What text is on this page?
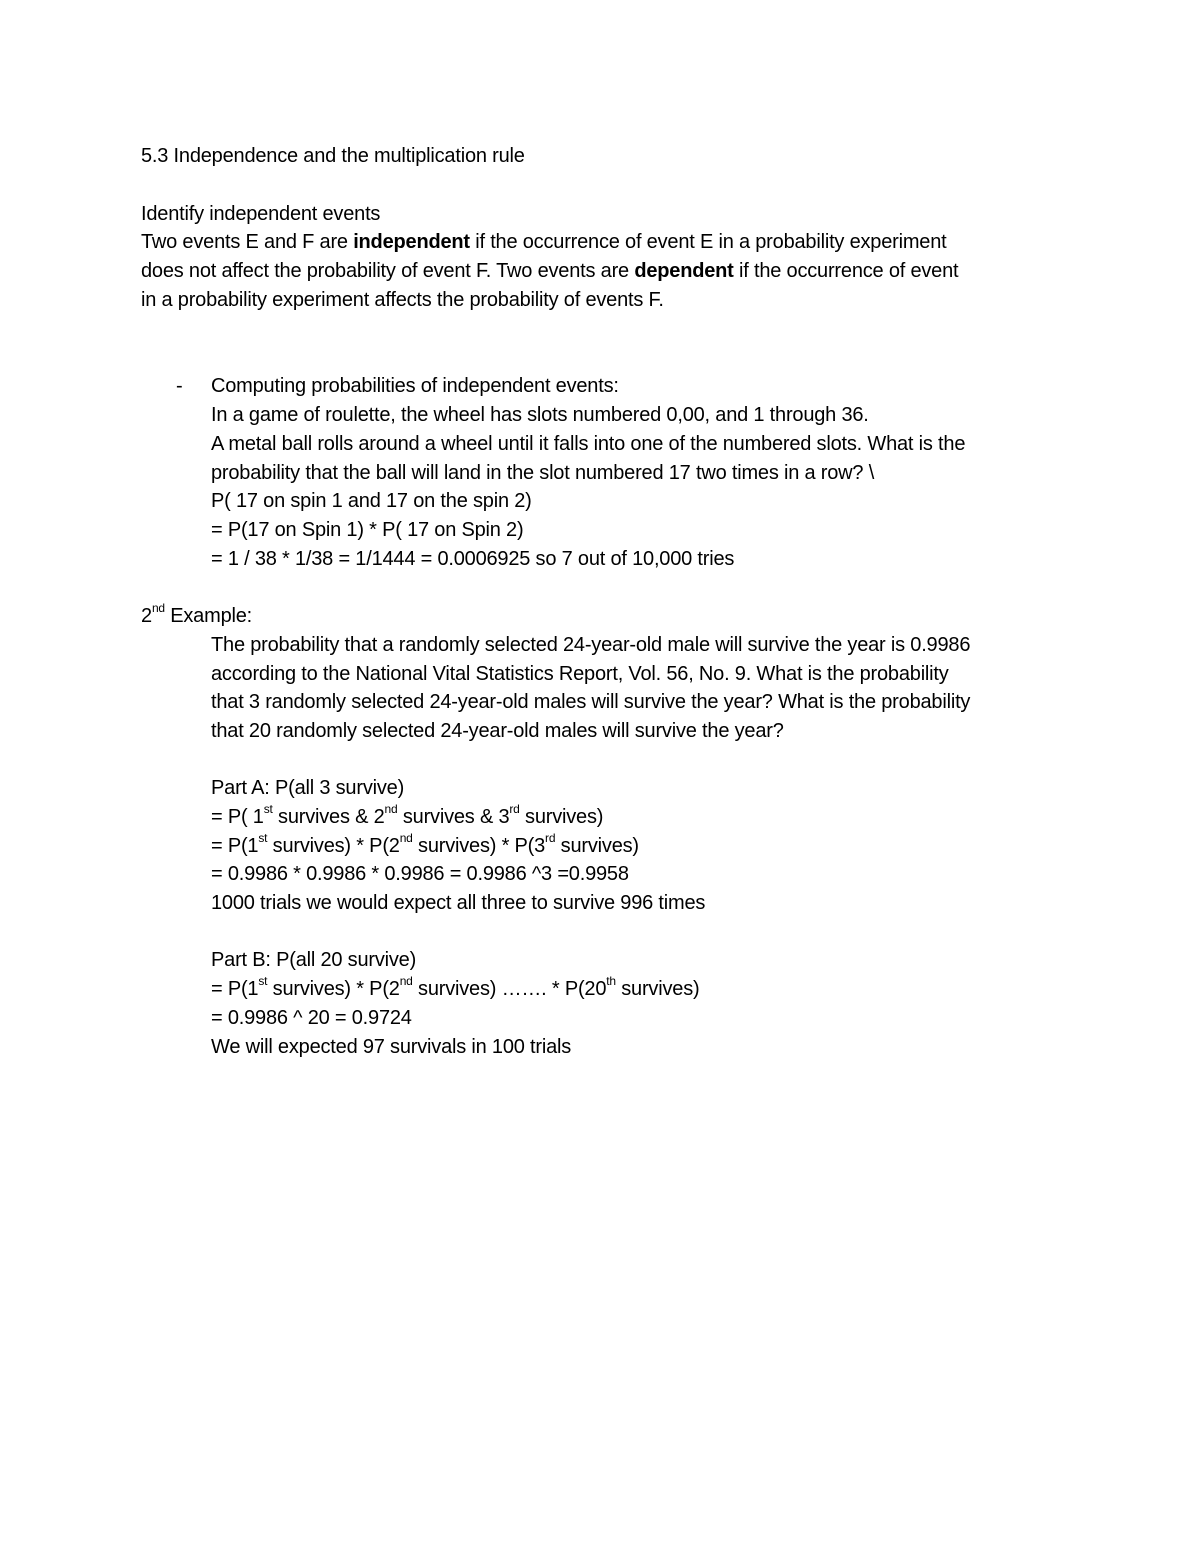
5.3 Independence and the multiplication rule
Identify independent events
Two events E and F are independent if the occurrence of event E in a probability experiment
does not affect the probability of event F. Two events are dependent if the occurrence of event
in a probability experiment affects the probability of events F.
- Computing probabilities of independent events:
In a game of roulette, the wheel has slots numbered 0,00, and 1 through 36.
A metal ball rolls around a wheel until it falls into one of the numbered slots. What is the
probability that the ball will land in the slot numbered 17 two times in a row? \
P( 17 on spin 1 and 17 on the spin 2)
= P(17 on Spin 1) * P( 17 on Spin 2)
= 1 / 38 * 1/38 = 1/1444 = 0.0006925 so 7 out of 10,000 tries
2nd Example:
The probability that a randomly selected 24-year-old male will survive the year is 0.9986
according to the National Vital Statistics Report, Vol. 56, No. 9. What is the probability
that 3 randomly selected 24-year-old males will survive the year? What is the probability
that 20 randomly selected 24-year-old males will survive the year?
Part A: P(all 3 survive)
= P( 1st survives & 2nd survives & 3rd survives)
= P(1st survives) * P(2nd survives) * P(3rd survives)
= 0.9986 * 0.9986 * 0.9986 = 0.9986 ^3 =0.9958
1000 trials we would expect all three to survive 996 times
Part B: P(all 20 survive)
= P(1st survives) * P(2nd survives) ……. * P(20th survives)
= 0.9986 ^ 20 = 0.9724
We will expected 97 survivals in 100 trials
